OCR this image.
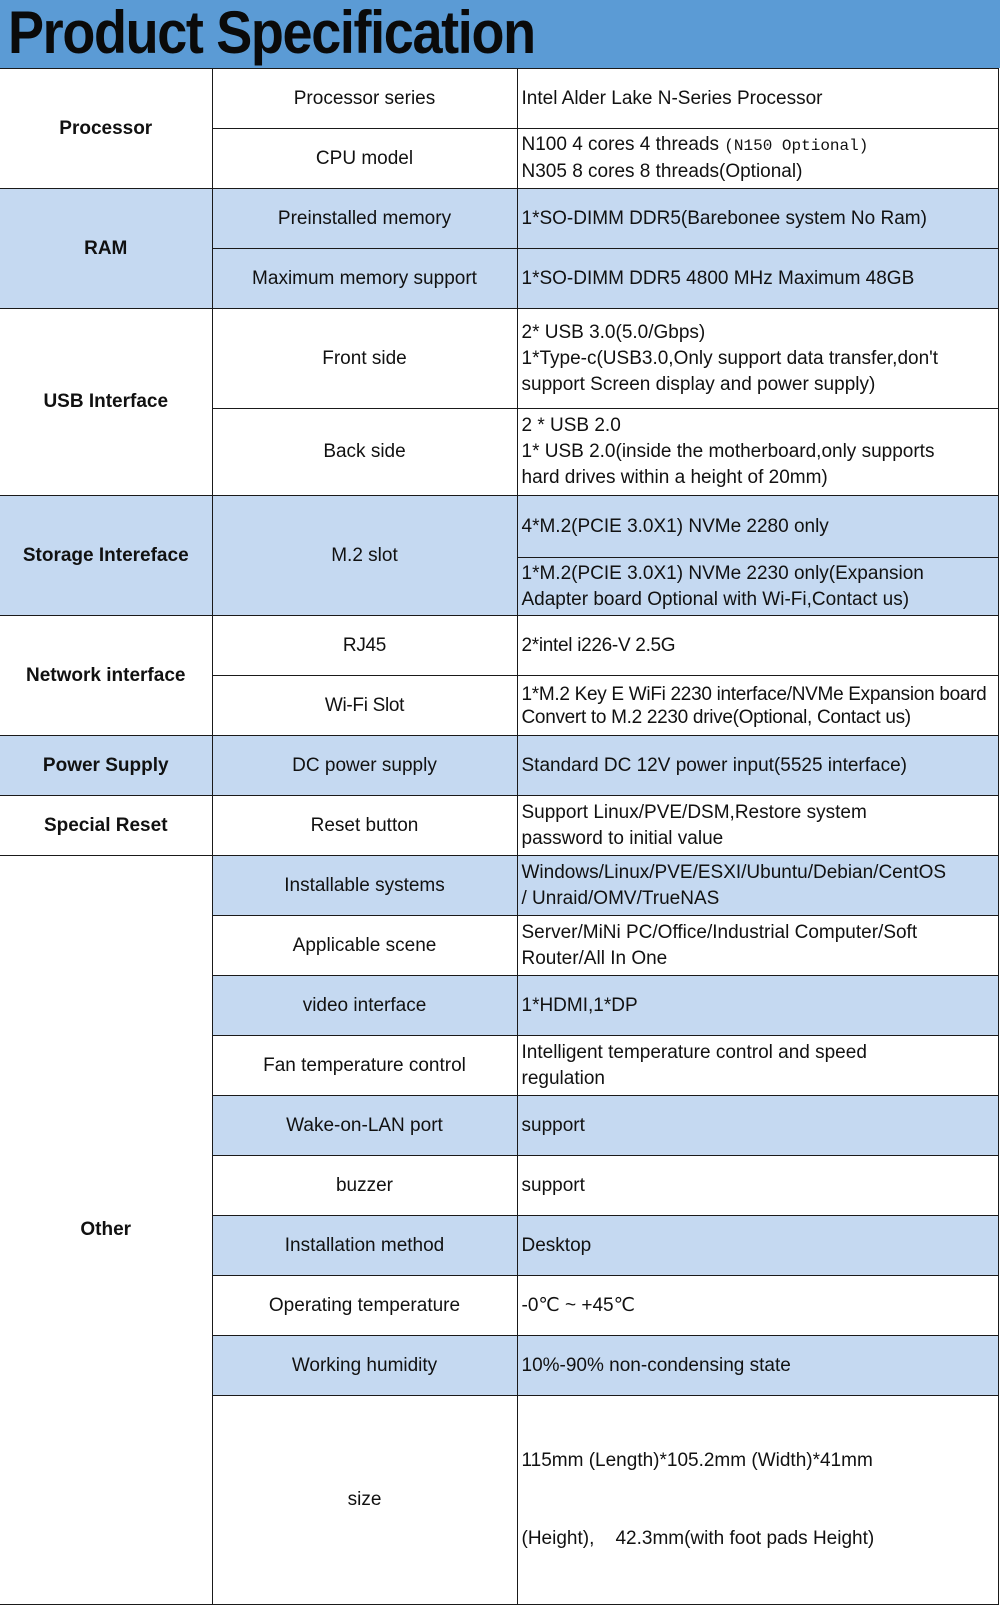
Product Specification
Processor	Processor series	Intel Alder Lake N-Series Processor

	CPU model	N100 4 cores 4 threads (N150 Optional)
N305 8 cores 8 threads(Optional)

RAM	Preinstalled memory	1*SO-DIMM DDR5(Barebonee system No Ram)

	Maximum memory support	1*SO-DIMM DDR5 4800 MHz Maximum 48GB

USB Interface	Front side	2* USB 3.0(5.0/Gbps)
1*Type-c(USB3.0,Only support data transfer,don't
support Screen display and power supply)

	Back side	2 * USB 2.0
1* USB 2.0(inside the motherboard,only supports
hard drives within a height of 20mm)

Storage Intereface	M.2 slot	4*M.2(PCIE 3.0X1) NVMe 2280 only

		1*M.2(PCIE 3.0X1) NVMe 2230 only(Expansion
Adapter board Optional with Wi-Fi,Contact us)

Network interface	RJ45	2*intel i226-V 2.5G

	Wi-Fi Slot	1*M.2 Key E WiFi 2230 interface/NVMe Expansion board
Convert to M.2 2230 drive(Optional, Contact us)

Power Supply	DC power supply	Standard DC 12V power input(5525 interface)

Special Reset	Reset button	Support Linux/PVE/DSM,Restore system
password to initial value

Other	Installable systems	Windows/Linux/PVE/ESXI/Ubuntu/Debian/CentOS
/ Unraid/OMV/TrueNAS

	Applicable scene	Server/MiNi PC/Office/Industrial Computer/Soft
Router/All In One

	video interface	1*HDMI,1*DP

	Fan temperature control	Intelligent temperature control and speed
regulation

	Wake-on-LAN port	support

	buzzer	support

	Installation method	Desktop

	Operating temperature	-0℃ ~ +45℃

	Working humidity	10%-90% non-condensing state

	size	115mm (Length)*105.2mm (Width)*41mm

(Height),    42.3mm(with foot pads Height)
